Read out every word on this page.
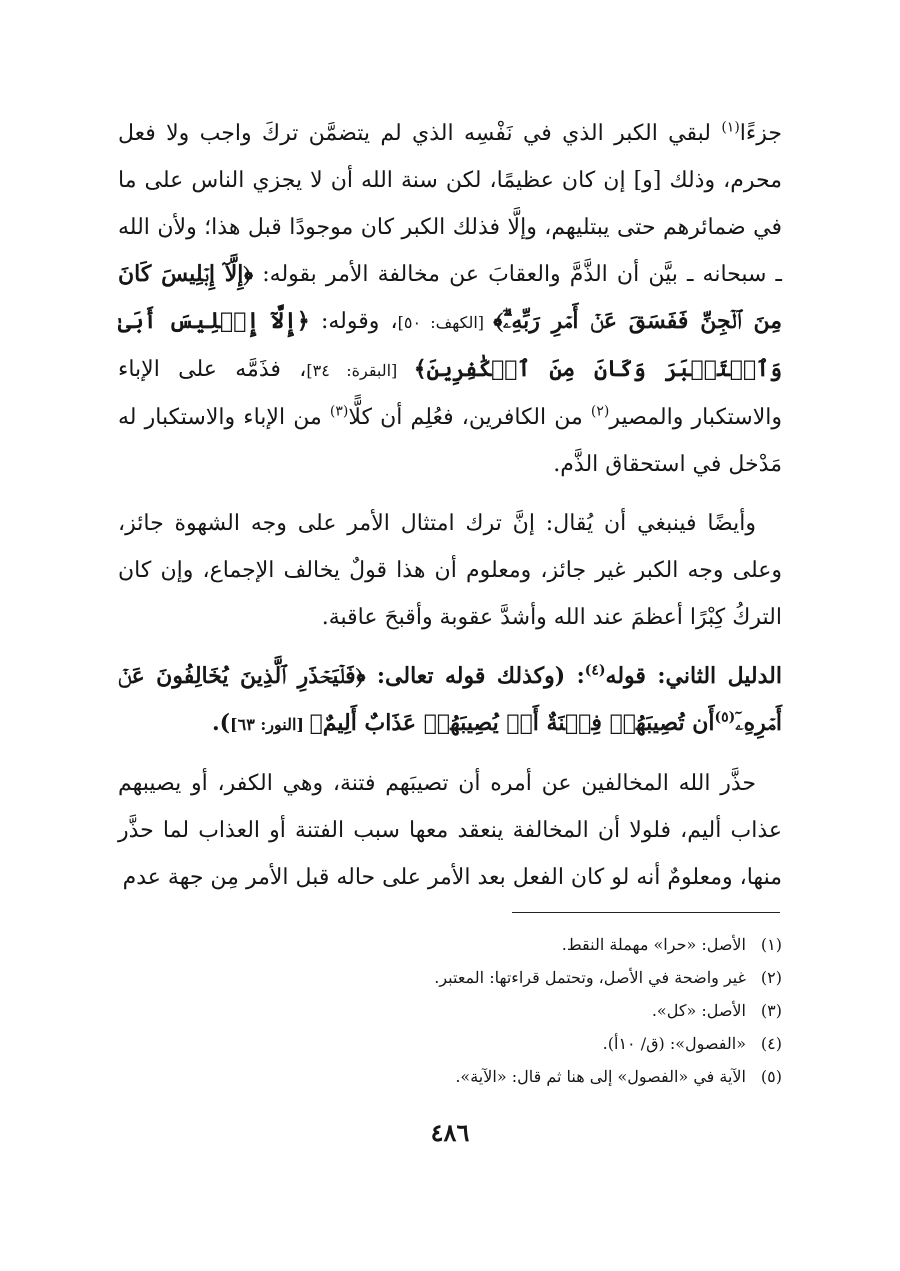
جزءًا$^{(١)}$ لبقي الكبر الذي في نَفْسِه الذي لم يتضمَّن تركَ واجب ولا فعل محرم، وذلك [و] إن كان عظيمًا، لكن سنة الله أن لا يجزي الناس على ما في ضمائرهم حتى يبتليهم، وإلَّا فذلك الكبر كان موجودًا قبل هذا؛ ولأن الله ـ سبحانه ـ بيَّن أن الذَّمَّ والعقابَ عن مخالفة الأمر بقوله: ﴿إِلَّآ إِبۡلِيسَ كَانَ مِنَ ٱلۡجِنِّ فَفَسَقَ عَنۡ أَمۡرِ رَبِّهِۦٓۗ﴾ [الكهف: ٥٠]، وقوله: ﴿إِلَّآ إِبۡلِيسَ أَبَىٰ وَٱسۡتَكۡبَرَ وَكَانَ مِنَ ٱلۡكَٰفِرِينَ﴾ [البقرة: ٣٤]، فذَمَّه على الإباء والاستكبار والمصير$^{(٢)}$ من الكافرين، فعُلِم أن كلًّا$^{(٣)}$ من الإباء والاستكبار له مَدْخل في استحقاق الذَّم.

وأيضًا فينبغي أن يُقال: إنَّ ترك امتثال الأمر على وجه الشهوة جائز، وعلى وجه الكبر غير جائز، ومعلوم أن هذا قولٌ يخالف الإجماع، وإن كان التركُ كِبْرًا أعظمَ عند الله وأشدَّ عقوبة وأقبحَ عاقبة.

الدليل الثاني: قوله$^{(٤)}$: (وكذلك قوله تعالى: ﴿فَلۡيَحۡذَرِ ٱلَّذِينَ يُخَالِفُونَ عَنۡ أَمۡرِهِۦٓ$^{(٥)}$أَن تُصِيبَهُمۡ فِتۡنَةٌ أَوۡ يُصِيبَهُمۡ عَذَابٌ أَلِيمٌ﴾ [النور: ٦٣]).

حذَّر الله المخالفين عن أمره أن تصيبَهم فتنة، وهي الكفر، أو يصيبهم عذاب أليم، فلولا أن المخالفة ينعقد معها سبب الفتنة أو العذاب لما حذَّر منها، ومعلومٌ أنه لو كان الفعل بعد الأمر على حاله قبل الأمر مِن جهة عدم

(١)الأصل: «حرا» مهملة النقط.

(٢)غير واضحة في الأصل، وتحتمل قراءتها: المعتبر.

(٣)الأصل: «كل».

(٤)«الفصول»: (ق/ ١٠أ).

(٥)الآية في «الفصول» إلى هنا ثم قال: «الآية».

٤٨٦
